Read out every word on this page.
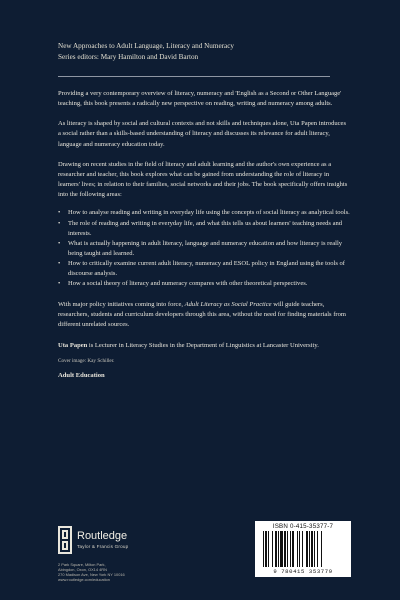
New Approaches to Adult Language, Literacy and Numeracy
Series editors: Mary Hamilton and David Barton

Providing a very contemporary overview of literacy, numeracy and 'English as a Second or Other Language' teaching, this book presents a radically new perspective on reading, writing and numeracy among adults.

As literacy is shaped by social and cultural contexts and not skills and techniques alone, Uta Papen introduces a social rather than a skills-based understanding of literacy and discusses its relevance for adult literacy, language and numeracy education today.

Drawing on recent studies in the field of literacy and adult learning and the author's own experience as a researcher and teacher, this book explores what can be gained from understanding the role of literacy in learners' lives; in relation to their families, social networks and their jobs. The book specifically offers insights into the following areas:

• How to analyse reading and writing in everyday life using the concepts of social literacy as analytical tools.
• The role of reading and writing in everyday life, and what this tells us about learners' teaching needs and interests.
• What is actually happening in adult literacy, language and numeracy education and how literacy is really being taught and learned.
• How to critically examine current adult literacy, numeracy and ESOL policy in England using the tools of discourse analysis.
• How a social theory of literacy and numeracy compares with other theoretical perspectives.

With major policy initiatives coming into force, Adult Literacy as Social Practice will guide teachers, researchers, students and curriculum developers through this area, without the need for finding materials from different unrelated sources.

Uta Papen is Lecturer in Literacy Studies in the Department of Linguistics at Lancaster University.

Cover image: Kay Schiller.
Adult Education
Routledge
Taylor & Francis Group
2 Park Square, Milton Park,
Abingdon, Oxon, OX14 4RN
270 Madison Ave, New York NY 10016
www.routledge.com/education
ISBN 0-415-35377-7
9 780415 353779
